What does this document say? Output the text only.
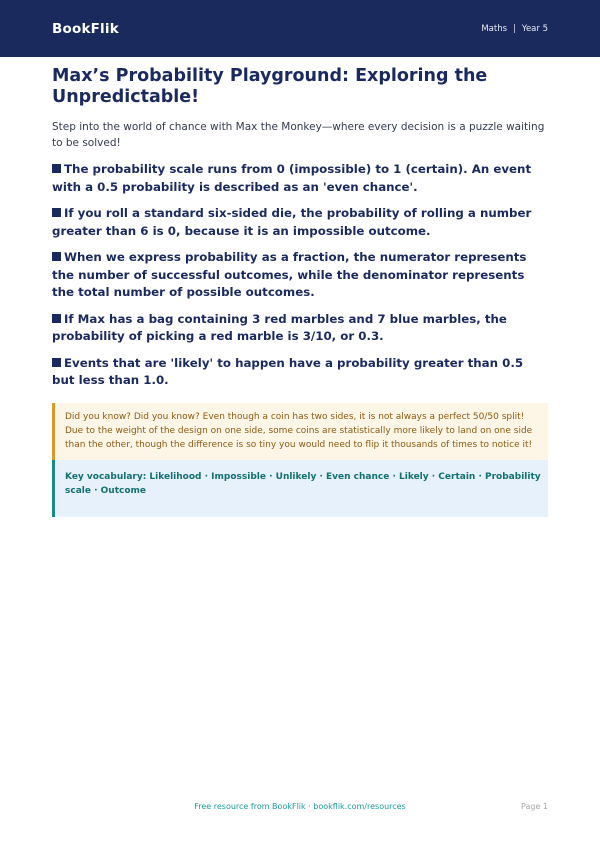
BookFlik	Maths | Year 5
Max’s Probability Playground: Exploring the Unpredictable!

Step into the world of chance with Max the Monkey—where every decision is a puzzle waiting to be solved!

The probability scale runs from 0 (impossible) to 1 (certain). An event with a 0.5 probability is described as an 'even chance'.
If you roll a standard six-sided die, the probability of rolling a number greater than 6 is 0, because it is an impossible outcome.
When we express probability as a fraction, the numerator represents the number of successful outcomes, while the denominator represents the total number of possible outcomes.
If Max has a bag containing 3 red marbles and 7 blue marbles, the probability of picking a red marble is 3/10, or 0.3.
Events that are 'likely' to happen have a probability greater than 0.5 but less than 1.0.
Did you know? Did you know? Even though a coin has two sides, it is not always a perfect 50/50 split! Due to the weight of the design on one side, some coins are statistically more likely to land on one side than the other, though the difference is so tiny you would need to flip it thousands of times to notice it!
Key vocabulary: Likelihood · Impossible · Unlikely · Even chance · Likely · Certain · Probability scale · Outcome
Free resource from BookFlik · bookflik.com/resources	Page 1
